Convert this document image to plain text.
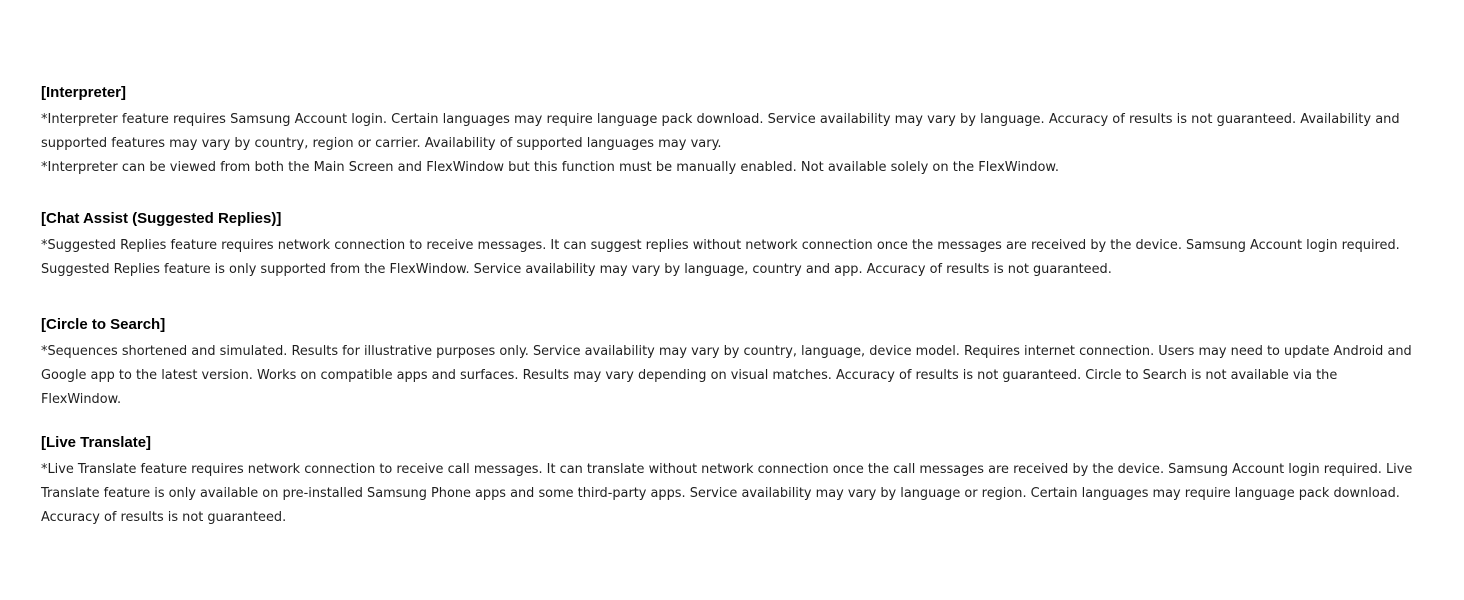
[Interpreter]

*Interpreter feature requires Samsung Account login. Certain languages may require language pack download. Service availability may vary by language. Accuracy of results is not guaranteed. Availability and supported features may vary by country, region or carrier. Availability of supported languages may vary.

*Interpreter can be viewed from both the Main Screen and FlexWindow but this function must be manually enabled. Not available solely on the FlexWindow.

[Chat Assist (Suggested Replies)]

*Suggested Replies feature requires network connection to receive messages. It can suggest replies without network connection once the messages are received by the device. Samsung Account login required. Suggested Replies feature is only supported from the FlexWindow. Service availability may vary by language, country and app. Accuracy of results is not guaranteed.

[Circle to Search]

*Sequences shortened and simulated. Results for illustrative purposes only. Service availability may vary by country, language, device model. Requires internet connection. Users may need to update Android and Google app to the latest version. Works on compatible apps and surfaces. Results may vary depending on visual matches. Accuracy of results is not guaranteed. Circle to Search is not available via the FlexWindow.

[Live Translate]

*Live Translate feature requires network connection to receive call messages. It can translate without network connection once the call messages are received by the device. Samsung Account login required. Live Translate feature is only available on pre-installed Samsung Phone apps and some third-party apps. Service availability may vary by language or region. Certain languages may require language pack download. Accuracy of results is not guaranteed.
